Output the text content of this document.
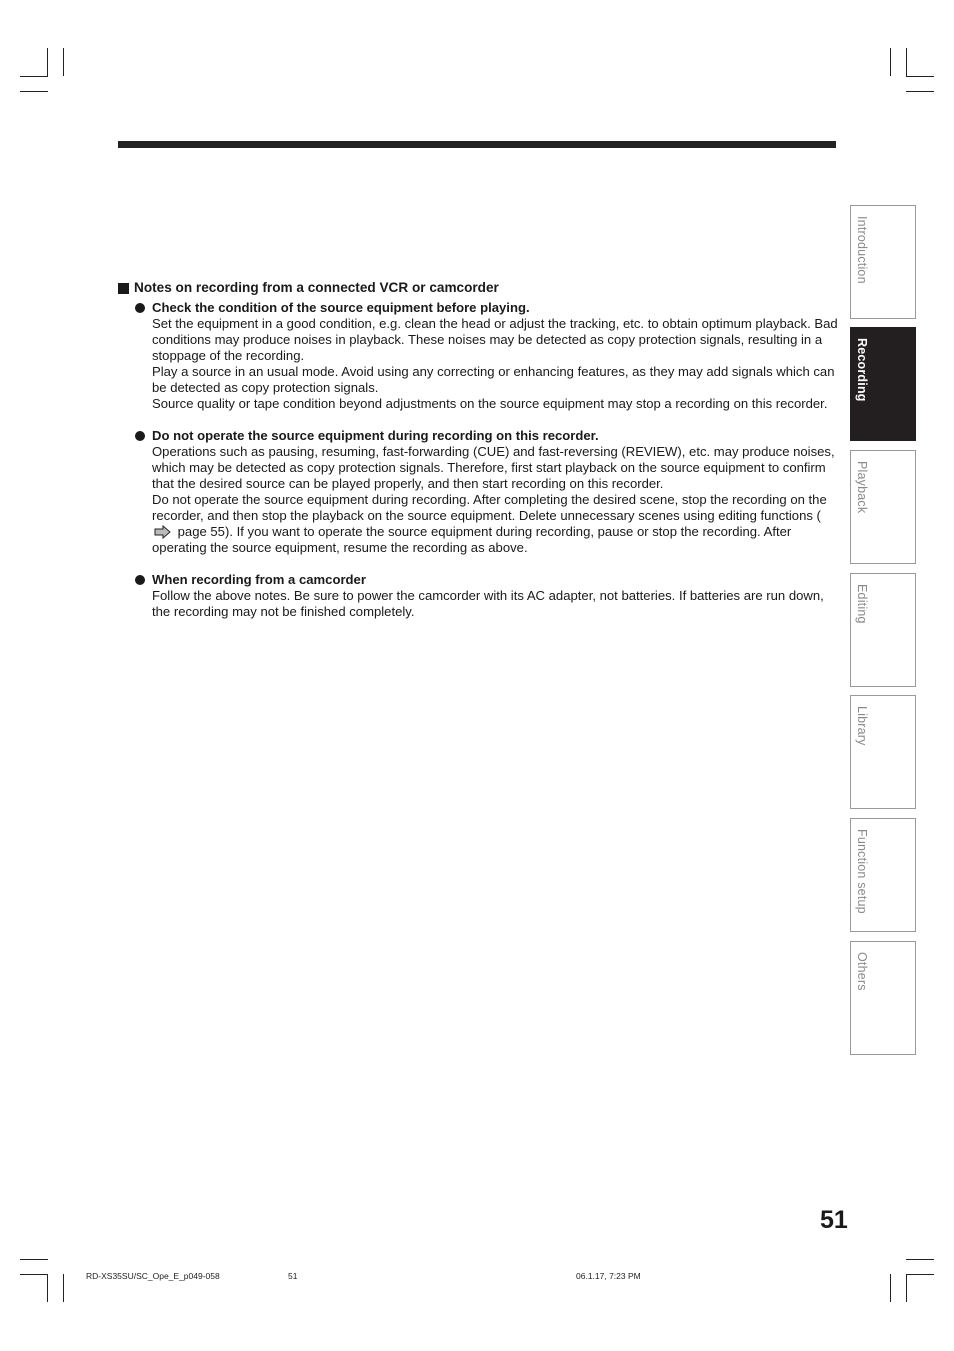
Notes on recording from a connected VCR or camcorder
Check the condition of the source equipment before playing.
Set the equipment in a good condition, e.g. clean the head or adjust the tracking, etc. to obtain optimum playback. Bad conditions may produce noises in playback. These noises may be detected as copy protection signals, resulting in a stoppage of the recording.
Play a source in an usual mode. Avoid using any correcting or enhancing features, as they may add signals which can be detected as copy protection signals.
Source quality or tape condition beyond adjustments on the source equipment may stop a recording on this recorder.
Do not operate the source equipment during recording on this recorder.
Operations such as pausing, resuming, fast-forwarding (CUE) and fast-reversing (REVIEW), etc. may produce noises, which may be detected as copy protection signals. Therefore, first start playback on the source equipment to confirm that the desired source can be played properly, and then start recording on this recorder.
Do not operate the source equipment during recording. After completing the desired scene, stop the recording on the recorder, and then stop the playback on the source equipment. Delete unnecessary scenes using editing functions ( page 55). If you want to operate the source equipment during recording, pause or stop the recording. After operating the source equipment, resume the recording as above.
When recording from a camcorder
Follow the above notes. Be sure to power the camcorder with its AC adapter, not batteries. If batteries are run down, the recording may not be finished completely.
Introduction
Recording
Playback
Editing
Library
Function setup
Others
51
RD-XS35SU/SC_Ope_E_p049-058	51	06.1.17, 7:23 PM
